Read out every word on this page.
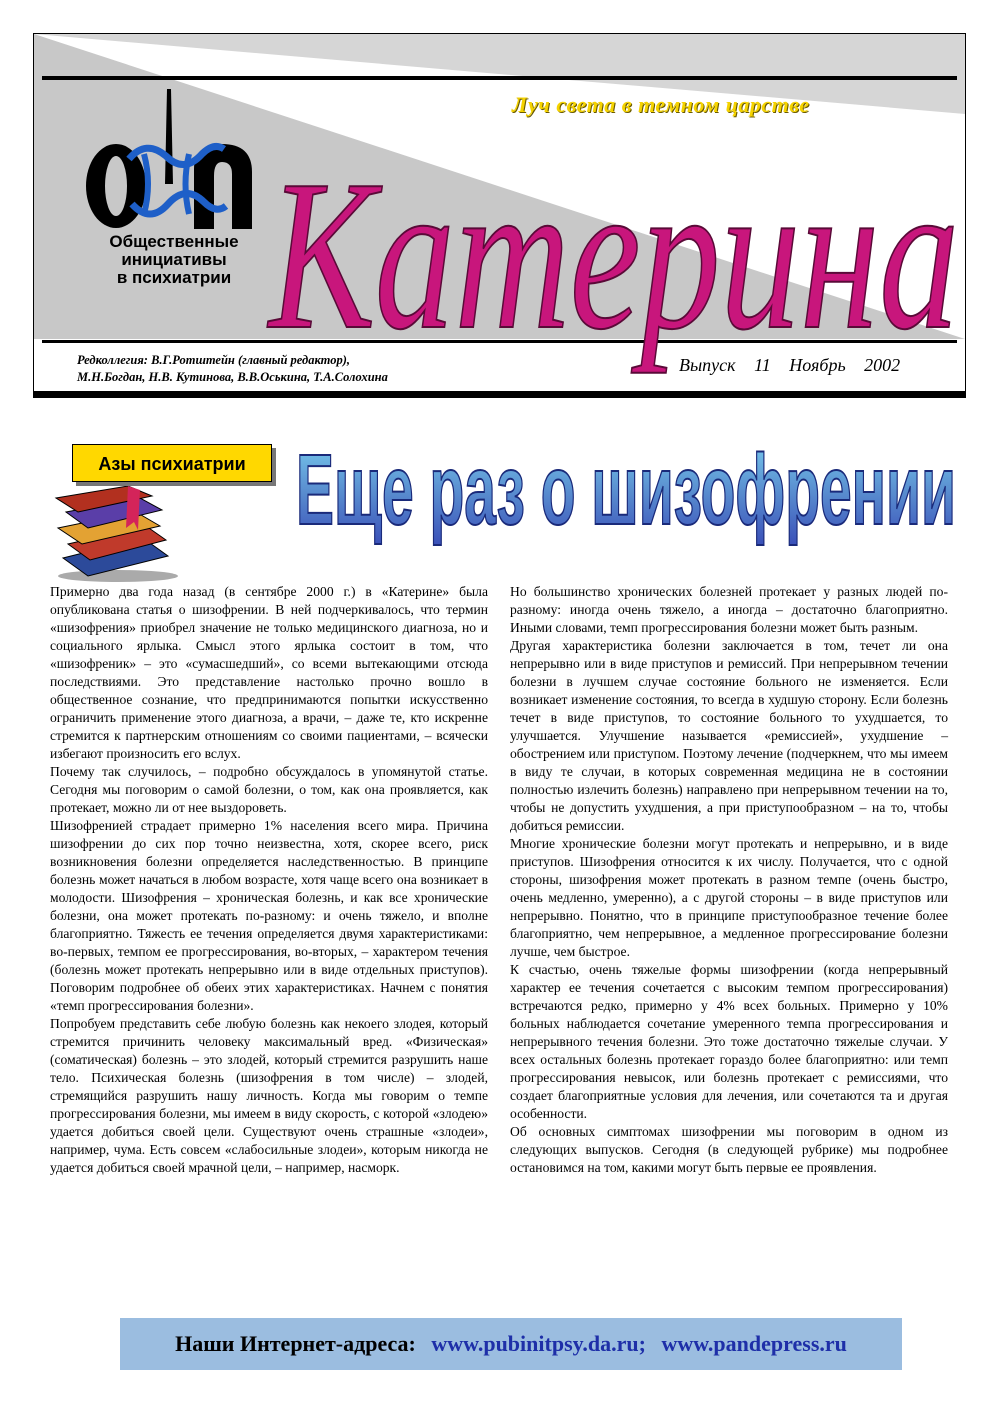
Общественные
инициативы
в психиатрии Катерина
Луч света в темном царстве
Редколлегия: В.Г.Ротштейн (главный редактор),
М.Н.Богдан, Н.В. Кутинова, В.В.Оськина, Т.А.Солохина
Выпуск 11 Ноябрь 2002
Азы психиатрии Еще раз о шизофрении

Примерно два года назад (в сентябре 2000 г.) в «Катерине» была опубликована статья о шизофрении. В ней подчеркивалось, что термин «шизофрения» приобрел значение не только медицинского диагноза, но и социального ярлыка. Смысл этого ярлыка состоит в том, что «шизофреник» – это «сумасшедший», со всеми вытекающими отсюда последствиями. Это представление настолько прочно вошло в общественное сознание, что предпринимаются попытки искусственно ограничить применение этого диагноза, а врачи, – даже те, кто искренне стремится к партнерским отношениям со своими пациентами, – всячески избегают произносить его вслух.

Почему так случилось, – подробно обсуждалось в упомянутой статье. Сегодня мы поговорим о самой болезни, о том, как она проявляется, как протекает, можно ли от нее выздороветь.

Шизофренией страдает примерно 1% населения всего мира. Причина шизофрении до сих пор точно неизвестна, хотя, скорее всего, риск возникновения болезни определяется наследственностью. В принципе болезнь может начаться в любом возрасте, хотя чаще всего она возникает в молодости. Шизофрения – хроническая болезнь, и как все хронические болезни, она может протекать по-разному: и очень тяжело, и вполне благоприятно. Тяжесть ее течения определяется двумя характеристиками: во-первых, темпом ее прогрессирования, во-вторых, – характером течения (болезнь может протекать непрерывно или в виде отдельных приступов). Поговорим подробнее об обеих этих характеристиках. Начнем с понятия «темп прогрессирования болезни».

Попробуем представить себе любую болезнь как некоего злодея, который стремится причинить человеку максимальный вред. «Физическая» (соматическая) болезнь – это злодей, который стремится разрушить наше тело. Психическая болезнь (шизофрения в том числе) – злодей, стремящийся разрушить нашу личность. Когда мы говорим о темпе прогрессирования болезни, мы имеем в виду скорость, с которой «злодею» удается добиться своей цели. Существуют очень страшные «злодеи», например, чума. Есть совсем «слабосильные злодеи», которым никогда не удается добиться своей мрачной цели, – например, насморк.

Но большинство хронических болезней протекает у разных людей по-разному: иногда очень тяжело, а иногда – достаточно благоприятно. Иными словами, темп прогрессирования болезни может быть разным.

Другая характеристика болезни заключается в том, течет ли она непрерывно или в виде приступов и ремиссий. При непрерывном течении болезни в лучшем случае состояние больного не изменяется. Если возникает изменение состояния, то всегда в худшую сторону. Если болезнь течет в виде приступов, то состояние больного то ухудшается, то улучшается. Улучшение называется «ремиссией», ухудшение – обострением или приступом. Поэтому лечение (подчеркнем, что мы имеем в виду те случаи, в которых современная медицина не в состоянии полностью излечить болезнь) направлено при непрерывном течении на то, чтобы не допустить ухудшения, а при приступообразном – на то, чтобы добиться ремиссии.

Многие хронические болезни могут протекать и непрерывно, и в виде приступов. Шизофрения относится к их числу. Получается, что с одной стороны, шизофрения может протекать в разном темпе (очень быстро, очень медленно, умеренно), а с другой стороны – в виде приступов или непрерывно. Понятно, что в принципе приступообразное течение более благоприятно, чем непрерывное, а медленное прогрессирование болезни лучше, чем быстрое.

К счастью, очень тяжелые формы шизофрении (когда непрерывный характер ее течения сочетается с высоким темпом прогрессирования) встречаются редко, примерно у 4% всех больных. Примерно у 10% больных наблюдается сочетание умеренного темпа прогрессирования и непрерывного течения болезни. Это тоже достаточно тяжелые случаи. У всех остальных болезнь протекает гораздо более благоприятно: или темп прогрессирования невысок, или болезнь протекает с ремиссиями, что создает благоприятные условия для лечения, или сочетаются та и другая особенности.

Об основных симптомах шизофрении мы поговорим в одном из следующих выпусков. Сегодня (в следующей рубрике) мы подробнее остановимся на том, какими могут быть первые ее проявления.

Наши Интернет-адреса: www.pubinitpsy.da.ru; www.pandepress.ru
